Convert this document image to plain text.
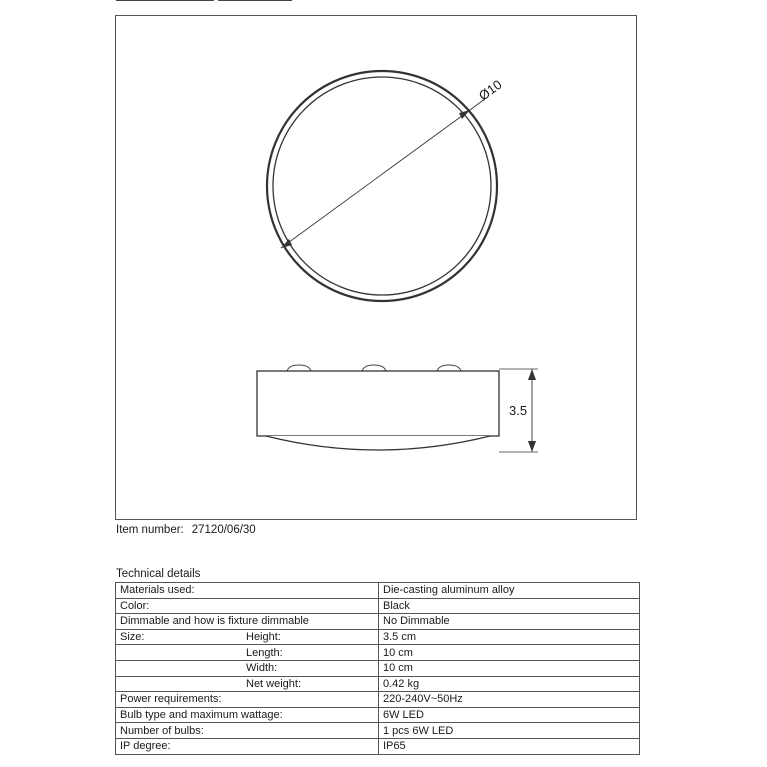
Ø10
3.5
Item number: 27120/06/30
Technical details
Materials used:	Die-casting aluminum alloy
Color:	Black
Dimmable and how is fixture dimmable	No Dimmable
Size: Height:	3.5 cm
Length:	10 cm
Width:	10 cm
Net weight:	0.42 kg
Power requirements:	220-240V~50Hz
Bulb type and maximum wattage:	6W LED
Number of bulbs:	1 pcs 6W LED
IP degree:	IP65
